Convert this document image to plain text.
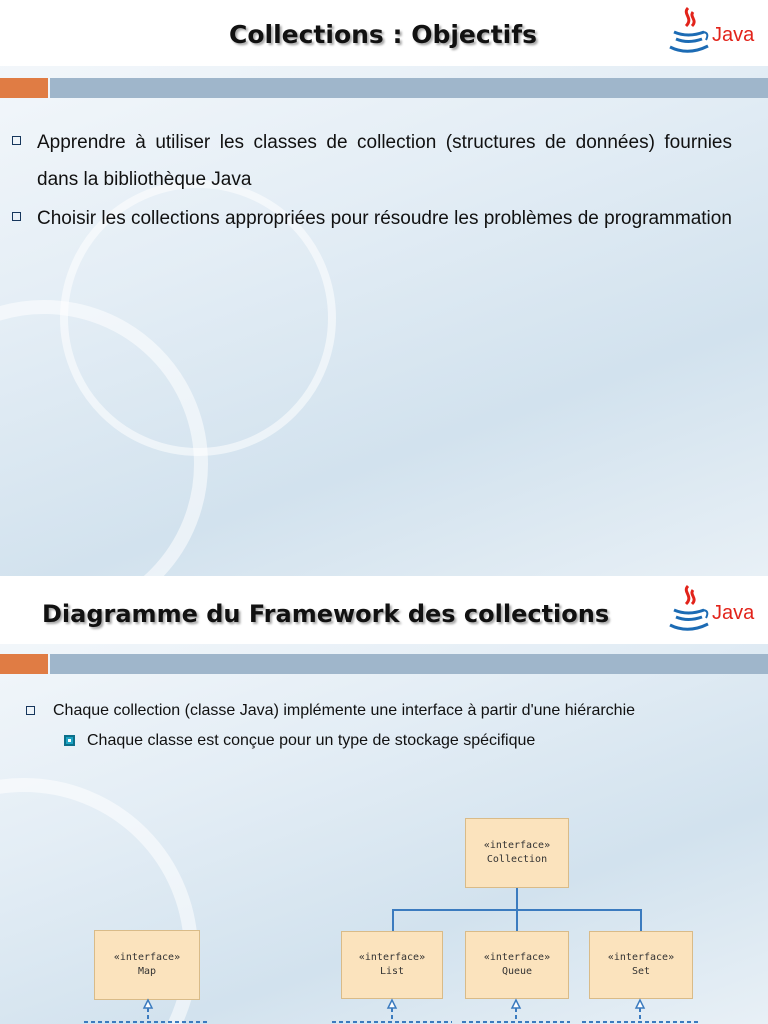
Collections : Objectifs	Java
Apprendre à utiliser les classes de collection (structures de données) fournies dans la bibliothèque Java
Choisir les collections appropriées pour résoudre les problèmes de programmation
Diagramme du Framework des collections	Java
Chaque collection (classe Java) implémente une interface à partir d'une hiérarchie
Chaque classe est conçue pour un type de stockage spécifique
«interface»
Collection
«interface»
Map
«interface»
List
«interface»
Queue
«interface»
Set
